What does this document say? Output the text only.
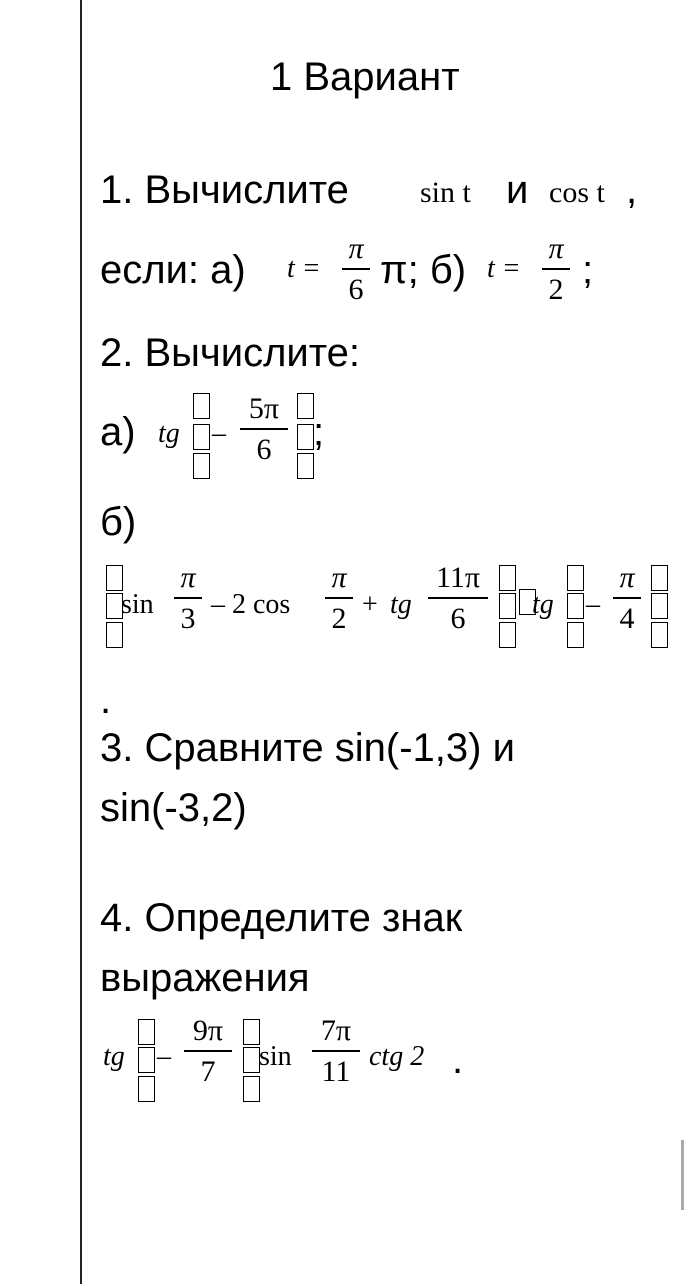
1 Вариант
1. Вычислите sin t и cos t ,
если: а) t =
π
6 π; б) t =
π
2 ;
2. Вычислите:
а) tg –
5π
6	;
б)
sin
π
3 – 2 cos
π
2 + tg
11π
6	tg –
π
4
.
3. Сравните sin(-1,3) и
sin(-3,2)
4. Определите знак
выражения
tg –
9π
7	sin
7π
11 ctg 2 .
